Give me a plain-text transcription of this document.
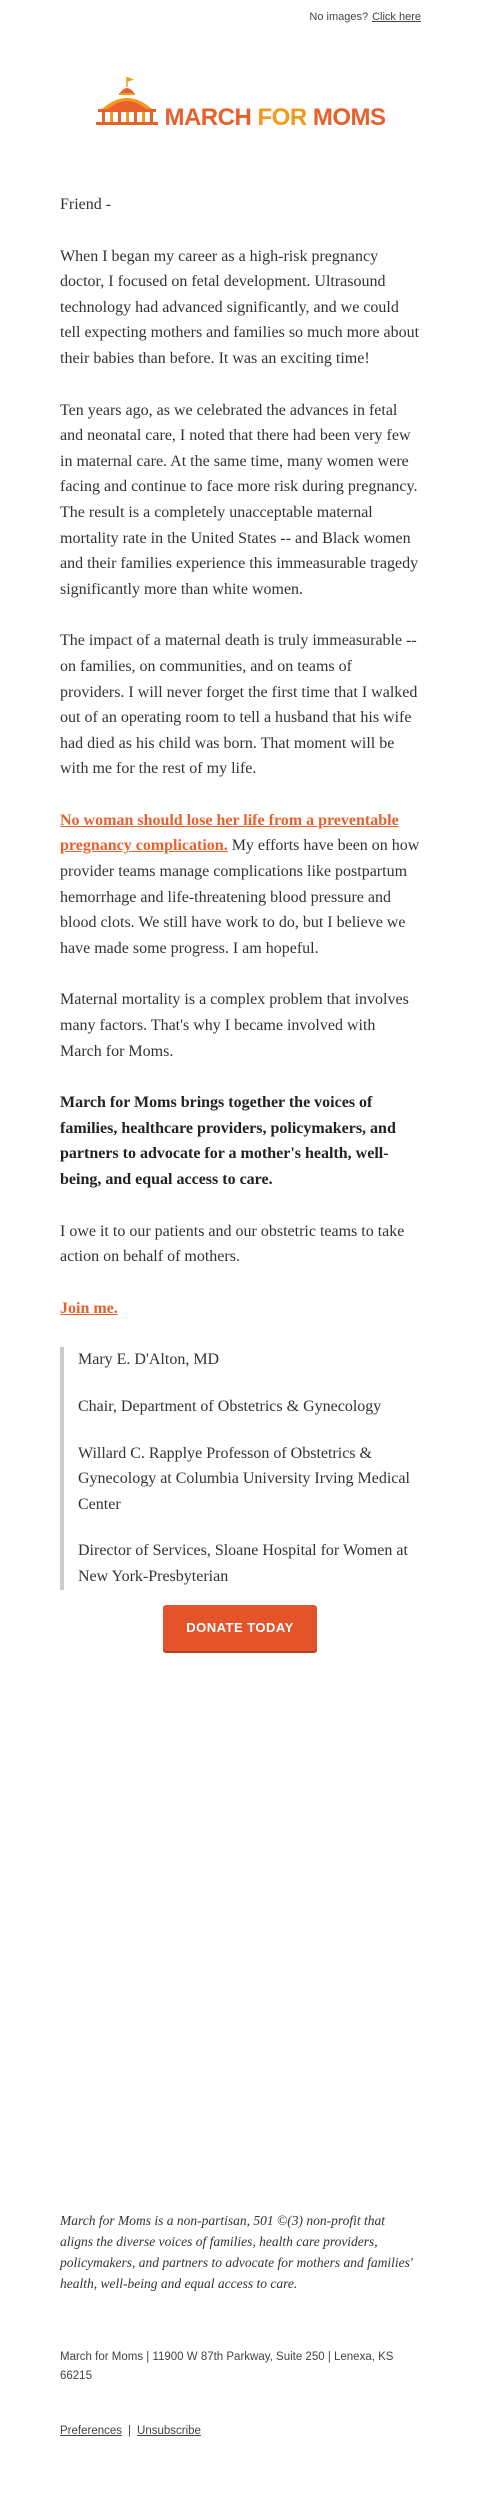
No images? Click here
MARCH FOR MOMS

Friend -

When I began my career as a high-risk pregnancy doctor, I focused on fetal development. Ultrasound technology had advanced significantly, and we could tell expecting mothers and families so much more about their babies than before. It was an exciting time!

Ten years ago, as we celebrated the advances in fetal and neonatal care, I noted that there had been very few in maternal care. At the same time, many women were facing and continue to face more risk during pregnancy. The result is a completely unacceptable maternal mortality rate in the United States -- and Black women and their families experience this immeasurable tragedy significantly more than white women.

The impact of a maternal death is truly immeasurable -- on families, on communities, and on teams of providers. I will never forget the first time that I walked out of an operating room to tell a husband that his wife had died as his child was born. That moment will be with me for the rest of my life.

No woman should lose her life from a preventable pregnancy complication. My efforts have been on how provider teams manage complications like postpartum hemorrhage and life-threatening blood pressure and blood clots. We still have work to do, but I believe we have made some progress. I am hopeful.

Maternal mortality is a complex problem that involves many factors. That's why I became involved with March for Moms.

March for Moms brings together the voices of families, healthcare providers, policymakers, and partners to advocate for a mother's health, well-being, and equal access to care.

I owe it to our patients and our obstetric teams to take action on behalf of mothers.

Join me.

Mary E. D'Alton, MD

Chair, Department of Obstetrics & Gynecology

Willard C. Rapplye Professon of Obstetrics & Gynecology at Columbia University Irving Medical Center

Director of Services, Sloane Hospital for Women at New York-Presbyterian

DONATE TODAY
March for Moms is a non-partisan, 501 ©(3) non-profit that aligns the diverse voices of families, health care providers, policymakers, and partners to advocate for mothers and families' health, well-being and equal access to care.
March for Moms | 11900 W 87th Parkway, Suite 250 | Lenexa, KS 66215
Preferences | Unsubscribe
